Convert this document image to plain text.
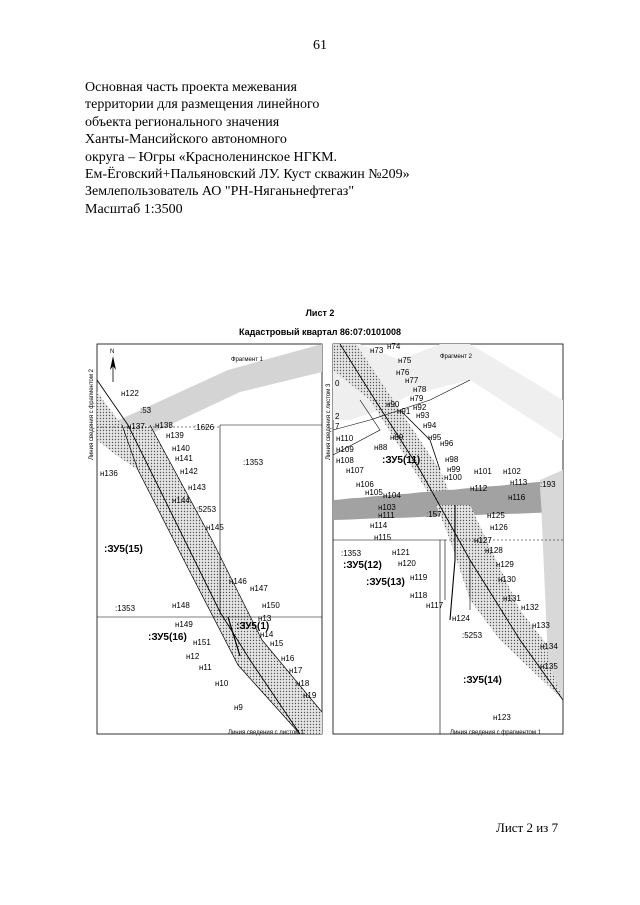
61
Основная часть проекта межевания
территории для размещения линейного
объекта регионального значения
Ханты-Мансийского автономного
округа – Югры «Красноленинское НГКМ.
Ем-Ёговский+Пальяновский ЛУ. Куст скважин №209»
Землепользователь АО "РН-Няганьнефтегаз"
Масштаб 1:3500
Лист 2
Кадастровый квартал 86:07:0101008
N
Фрагмент 1
Линия сведения с фрагментом 2
Линия сведения с листом 1
:ЗУ5(15)
:ЗУ5(16)
:ЗУ5(1)
:1626
:1353
:1353
:5253
:53
н122
н137 н138
н139
н140
н141
н142
н143
н144
н136
н145
н146
н147
н148
н149
н150
н13
н14
н151
н12
н11
н10
н9
н15
н16
н17
н18
н19
Фрагмент 2
Линия сведения с листом 3
Линия сведения с фрагментом 1
:ЗУ5(11)
:ЗУ5(12)
:ЗУ5(13)
:ЗУ5(14)
:1353
:5253
:193
:157
0
2
7
н73 н74
н75
н76
н77
н78
н79
н90 н92
н91 н93
н94
н95
н96
н98
н99
н100
н89
н88
н110
н109
н108
н107
н106
н105 н104
н103
н111
н114
н115
н121
н120
н119
н118
н117
н101 н102
н112
н113
н116
н125
н126
н127
н128
н129
н130
н131
н132
н133
н134
н135
н124
н123
Лист 2 из 7
